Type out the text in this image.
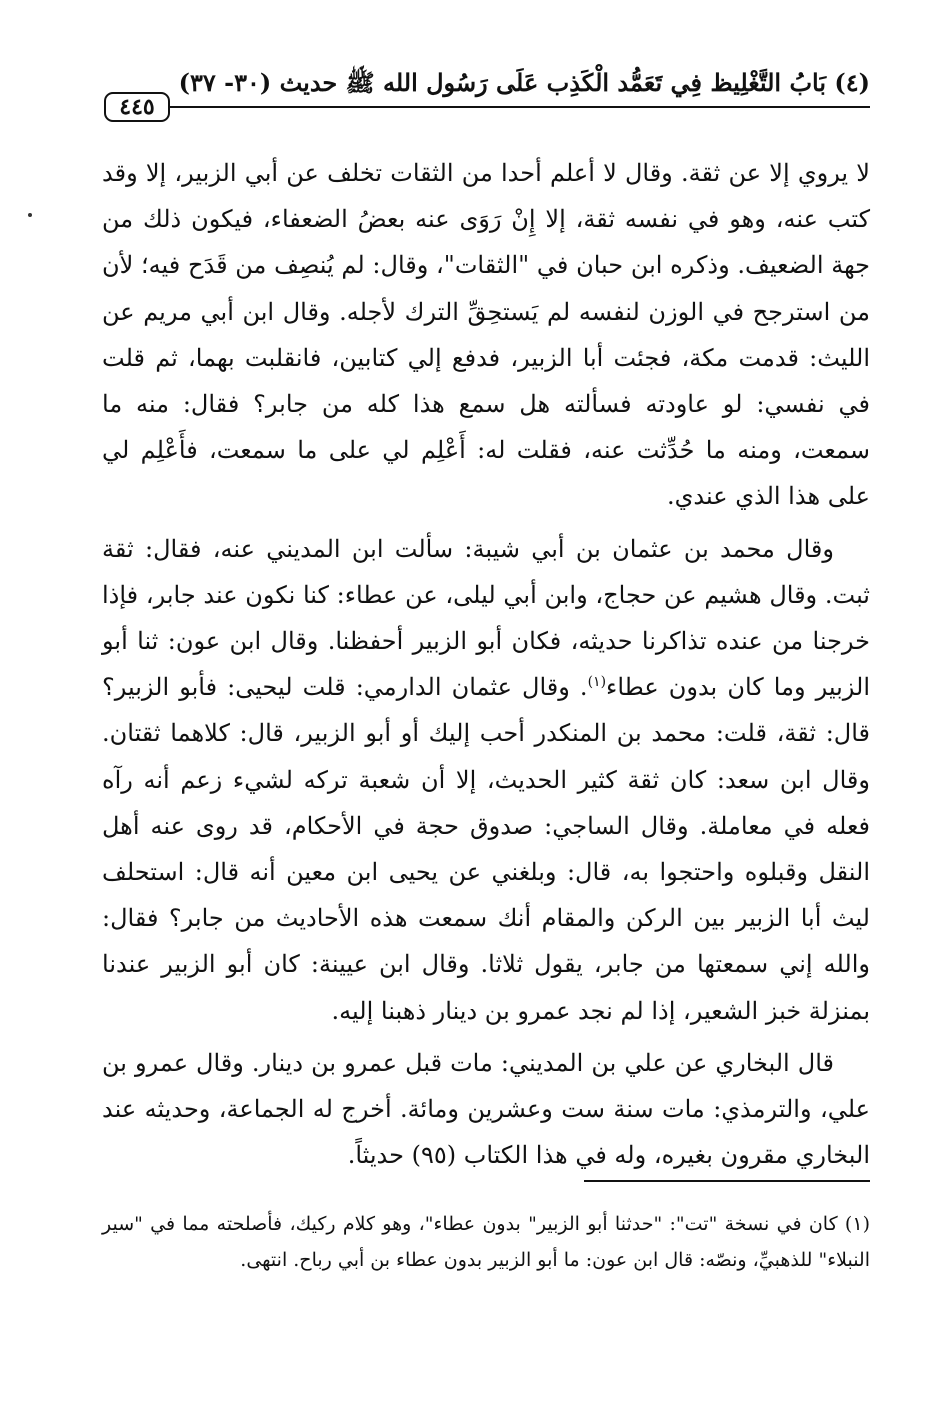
(٤) بَابُ التَّغْلِيظ فِي تَعَمُّد الْكَذِب عَلَى رَسُول الله ﷺ حديث (٣٠- ٣٧)
٤٤٥

لا يروي إلا عن ثقة. وقال لا أعلم أحدا من الثقات تخلف عن أبي الزبير، إلا وقد كتب عنه، وهو في نفسه ثقة، إلا إِنْ رَوَى عنه بعضُ الضعفاء، فيكون ذلك من جهة الضعيف. وذكره ابن حبان في "الثقات"، وقال: لم يُنصِف من قَدَح فيه؛ لأن من استرجح في الوزن لنفسه لم يَستحِقِّ الترك لأجله. وقال ابن أبي مريم عن الليث: قدمت مكة، فجئت أبا الزبير، فدفع إلي كتابين، فانقلبت بهما، ثم قلت في نفسي: لو عاودته فسألته هل سمع هذا كله من جابر؟ فقال: منه ما سمعت، ومنه ما حُدِّثت عنه، فقلت له: أَعْلِم لي على ما سمعت، فأَعْلِم لي على هذا الذي عندي.

وقال محمد بن عثمان بن أبي شيبة: سألت ابن المديني عنه، فقال: ثقة ثبت. وقال هشيم عن حجاج، وابن أبي ليلى، عن عطاء: كنا نكون عند جابر، فإذا خرجنا من عنده تذاكرنا حديثه، فكان أبو الزبير أحفظنا. وقال ابن عون: ثنا أبو الزبير وما كان بدون عطاء$^{(١)}$. وقال عثمان الدارمي: قلت ليحيى: فأبو الزبير؟ قال: ثقة، قلت: محمد بن المنكدر أحب إليك أو أبو الزبير، قال: كلاهما ثقتان. وقال ابن سعد: كان ثقة كثير الحديث، إلا أن شعبة تركه لشيء زعم أنه رآه فعله في معاملة. وقال الساجي: صدوق حجة في الأحكام، قد روى عنه أهل النقل وقبلوه واحتجوا به، قال: وبلغني عن يحيى ابن معين أنه قال: استحلف ليث أبا الزبير بين الركن والمقام أنك سمعت هذه الأحاديث من جابر؟ فقال: والله إني سمعتها من جابر، يقول ثلاثا. وقال ابن عيينة: كان أبو الزبير عندنا بمنزلة خبز الشعير، إذا لم نجد عمرو بن دينار ذهبنا إليه.

قال البخاري عن علي بن المديني: مات قبل عمرو بن دينار. وقال عمرو بن علي، والترمذي: مات سنة ست وعشرين ومائة. أخرج له الجماعة، وحديثه عند البخاري مقرون بغيره، وله في هذا الكتاب (٩٥) حديثاً.

(١) كان في نسخة "تت": "حدثنا أبو الزبير" بدون عطاء"، وهو كلام ركيك، فأصلحته مما في "سير النبلاء" للذهبيِّ، ونصّه: قال ابن عون: ما أبو الزبير بدون عطاء بن أبي رباح. انتهى.
